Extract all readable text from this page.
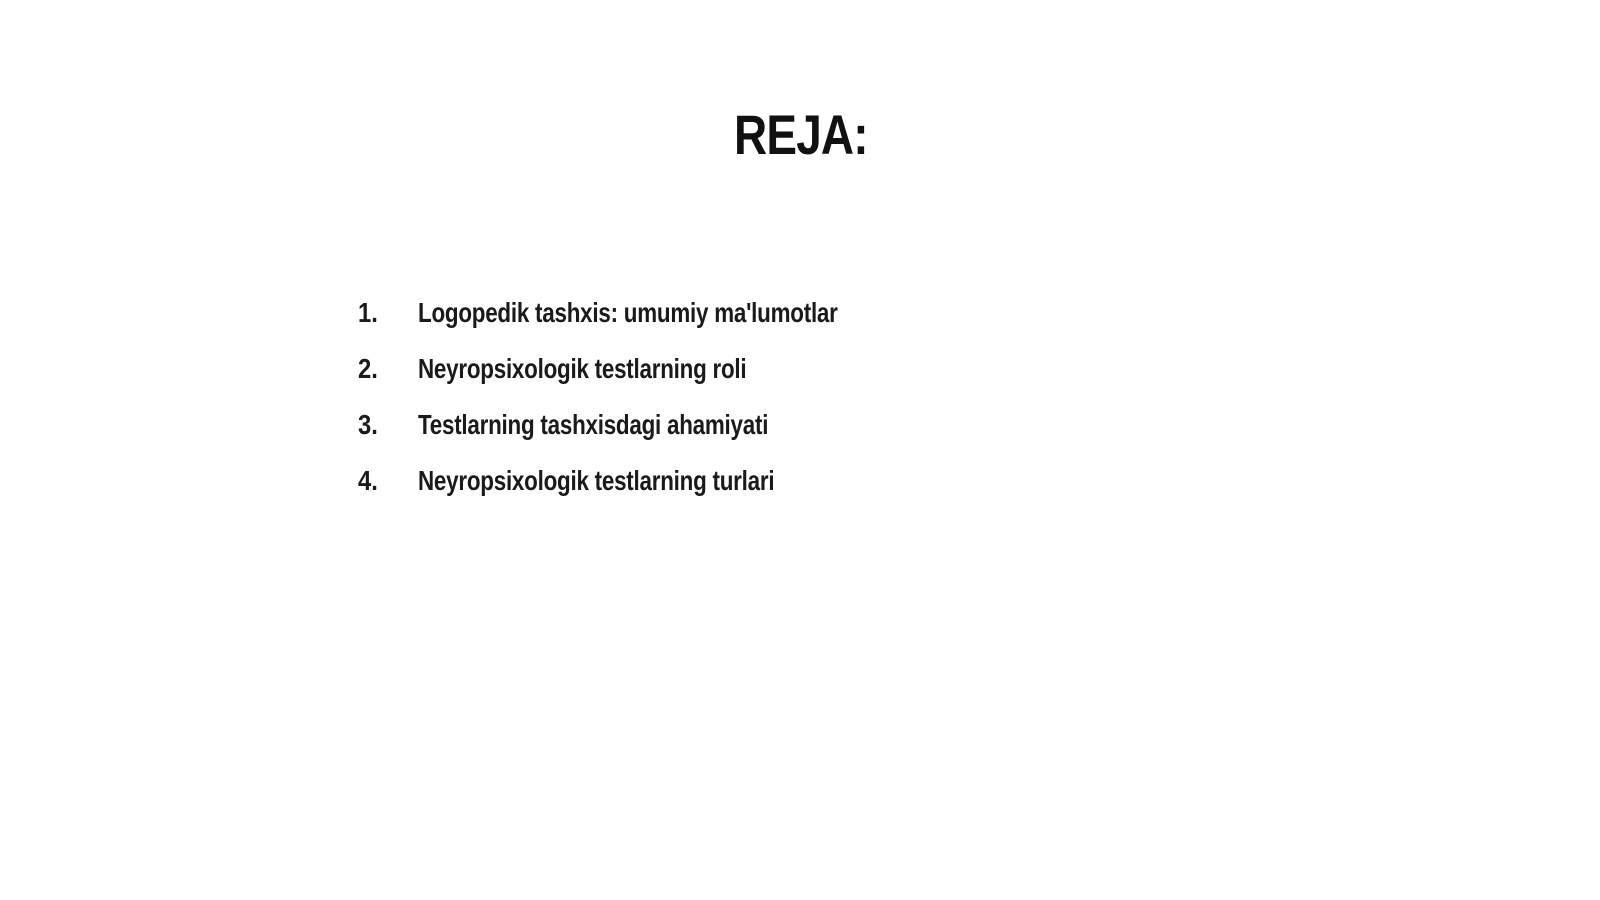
REJA:
1.	Logopedik tashxis: umumiy ma'lumotlar
2.	Neyropsixologik testlarning roli
3.	Testlarning tashxisdagi ahamiyati
4.	Neyropsixologik testlarning turlari
